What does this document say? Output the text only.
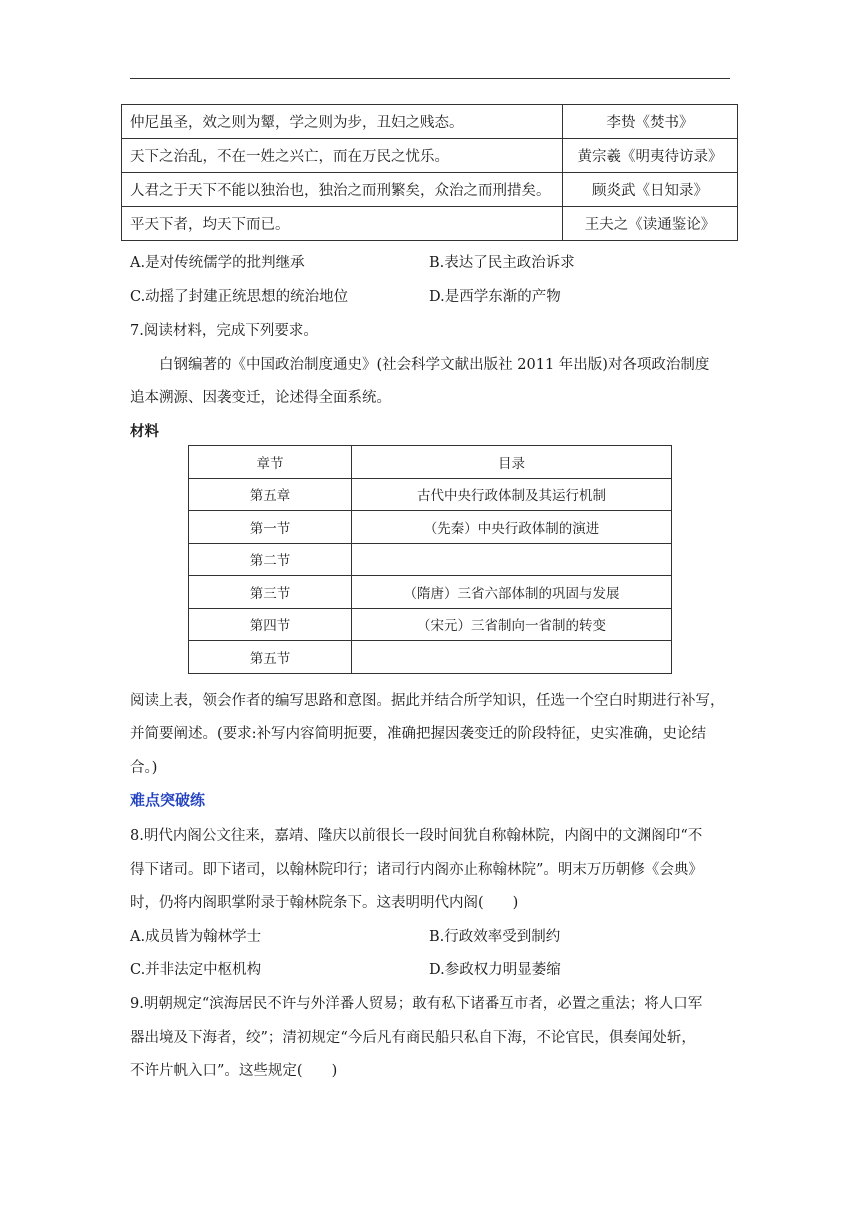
仲尼虽圣，效之则为颦，学之则为步，丑妇之贱态。	李贽《焚书》
天下之治乱，不在一姓之兴亡，而在万民之忧乐。	黄宗羲《明夷待访录》
人君之于天下不能以独治也，独治之而刑繁矣，众治之而刑措矣。	顾炎武《日知录》
平天下者，均天下而已。	王夫之《读通鉴论》
A.是对传统儒学的批判继承	B.表达了民主政治诉求
C.动摇了封建正统思想的统治地位	D.是西学东渐的产物
7.阅读材料，完成下列要求。
白钢编著的《中国政治制度通史》(社会科学文献出版社 2011 年出版)对各项政治制度
追本溯源、因袭变迁，论述得全面系统。
材料
章节	目录
第五章	古代中央行政体制及其运行机制
第一节	（先秦）中央行政体制的演进
第二节	
第三节	（隋唐）三省六部体制的巩固与发展
第四节	（宋元）三省制向一省制的转变
第五节	
阅读上表，领会作者的编写思路和意图。据此并结合所学知识，任选一个空白时期进行补写，
并简要阐述。(要求:补写内容简明扼要，准确把握因袭变迁的阶段特征，史实准确，史论结
合。)
难点突破练
8.明代内阁公文往来，嘉靖、隆庆以前很长一段时间犹自称翰林院，内阁中的文渊阁印“不
得下诸司。即下诸司，以翰林院印行；诸司行内阁亦止称翰林院”。明末万历朝修《会典》
时，仍将内阁职掌附录于翰林院条下。这表明明代内阁(　　)
A.成员皆为翰林学士	B.行政效率受到制约
C.并非法定中枢机构	D.参政权力明显萎缩
9.明朝规定“滨海居民不许与外洋番人贸易；敢有私下诸番互市者，必置之重法；将人口军
器出境及下海者，绞”；清初规定“今后凡有商民船只私自下海，不论官民，俱奏闻处斩，
不许片帆入口”。这些规定(　　)
